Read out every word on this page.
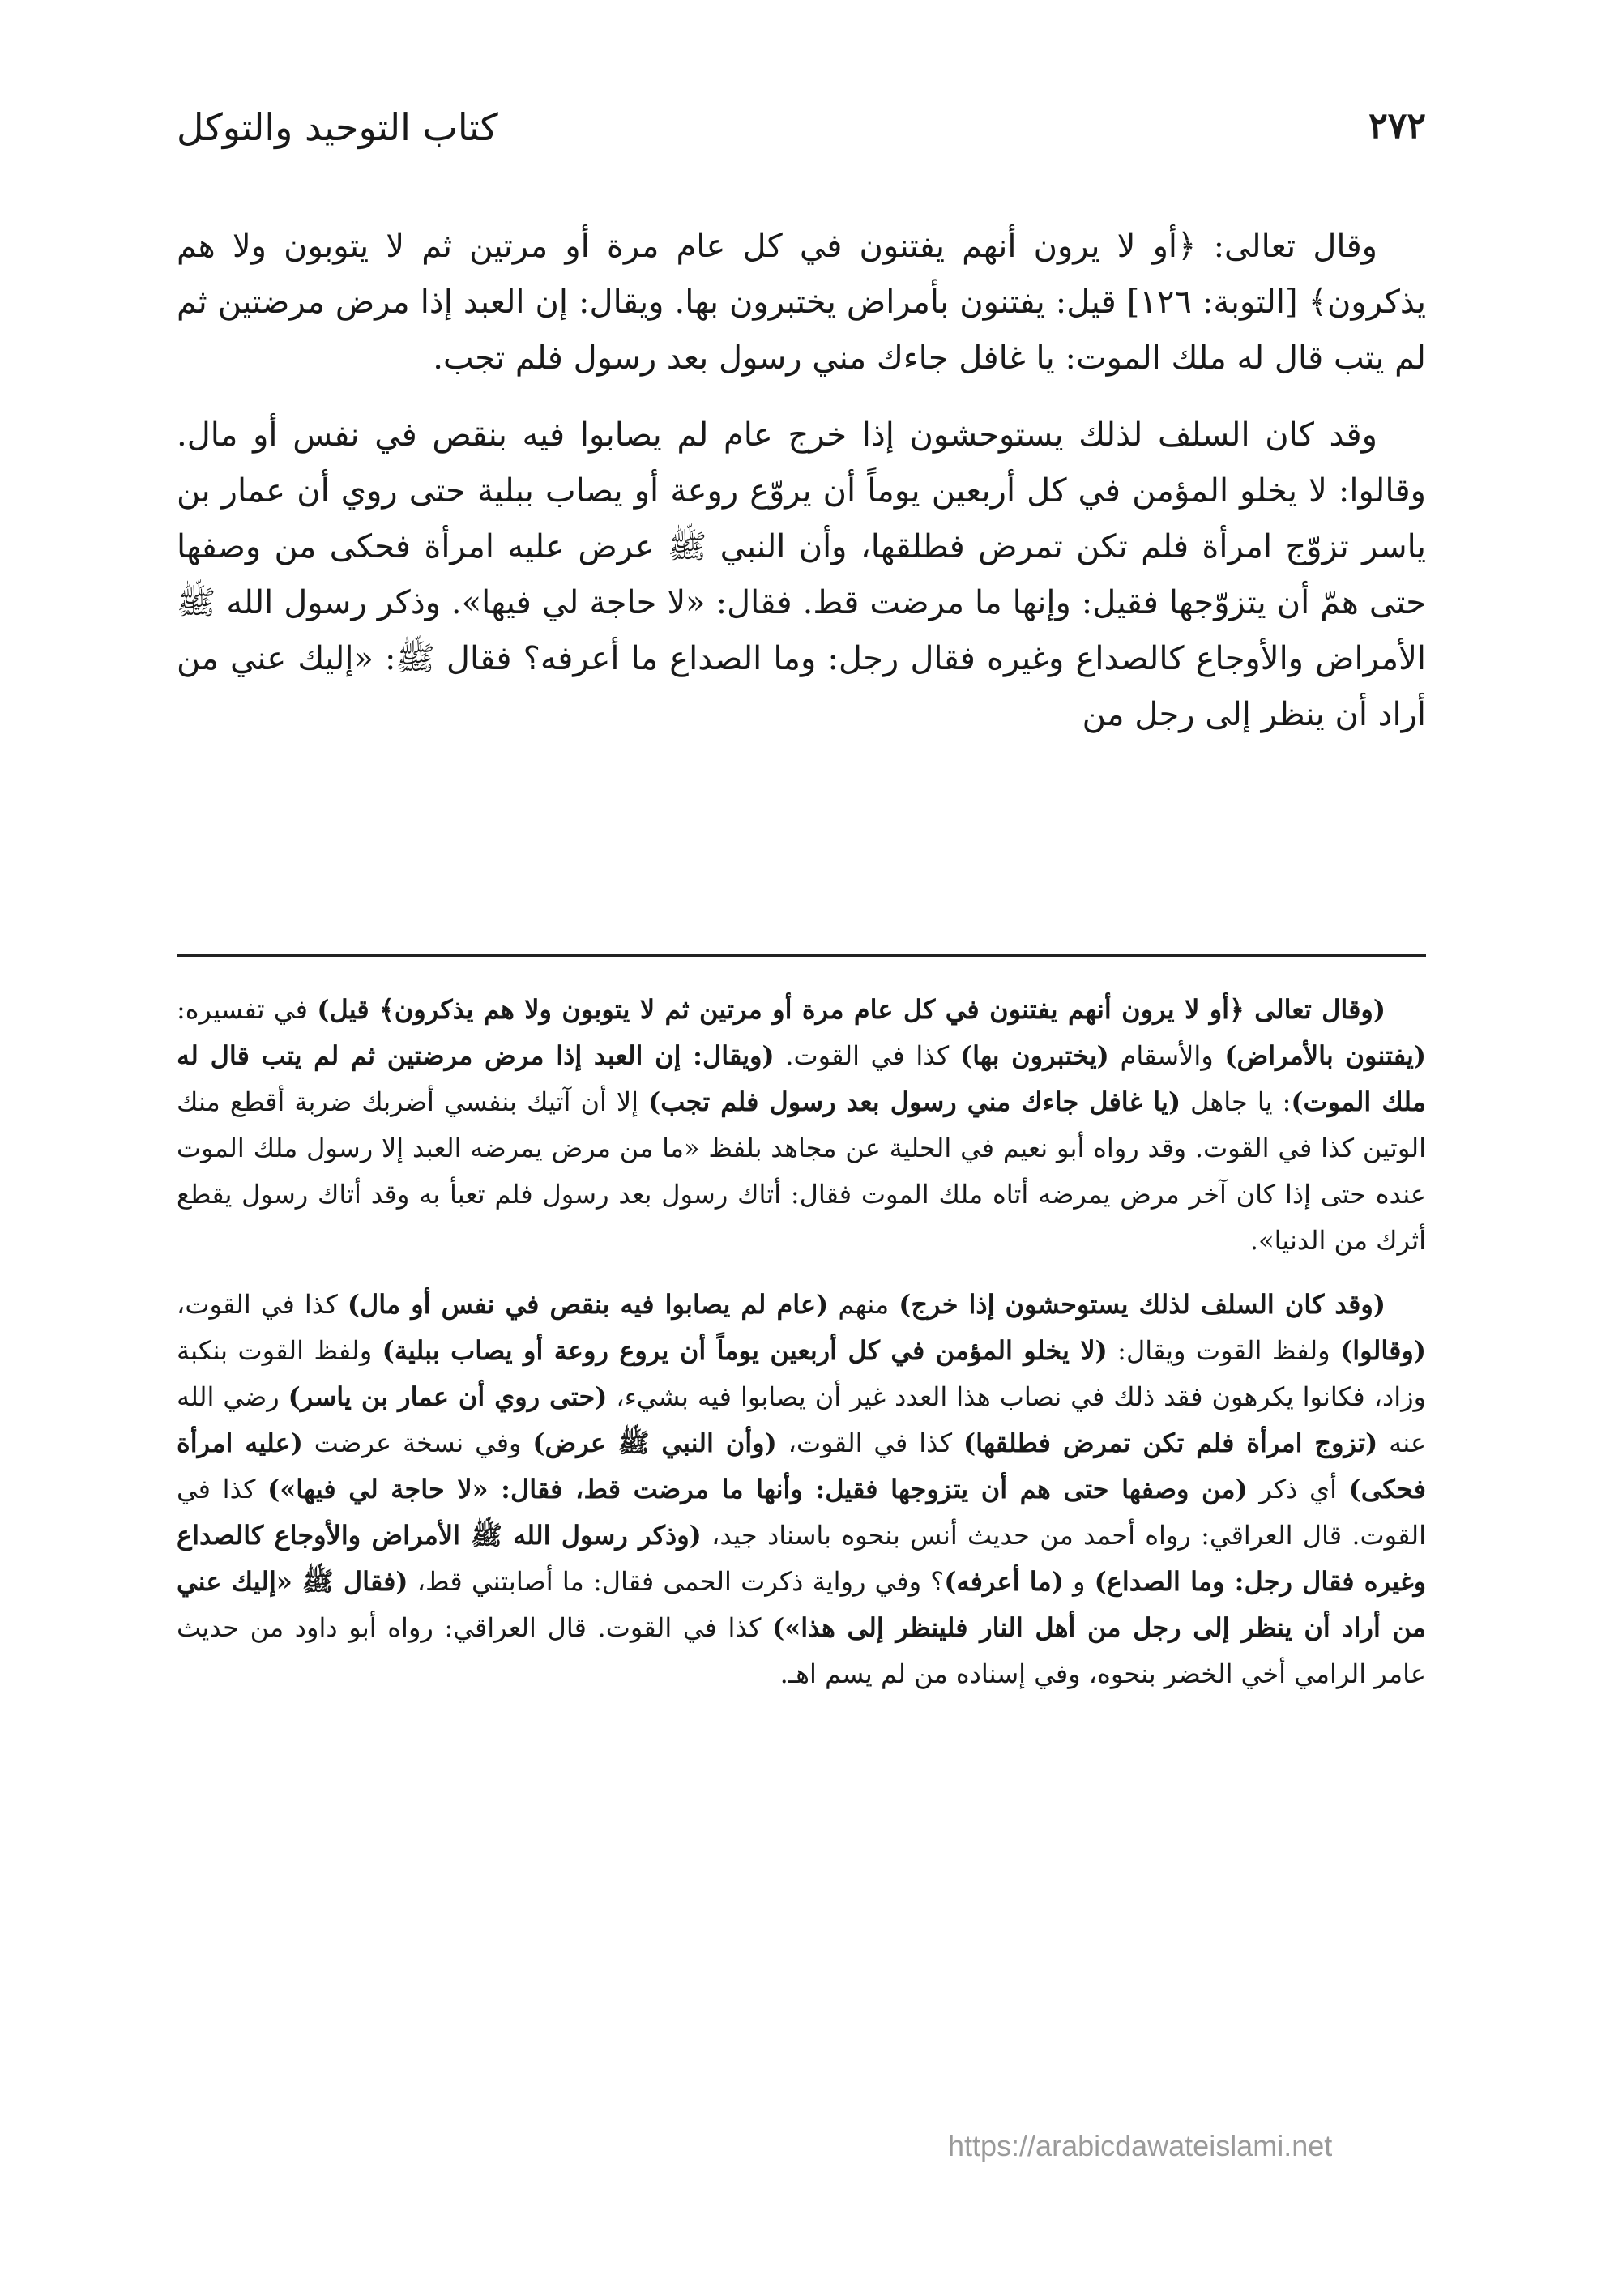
٢٧٢
كتاب التوحيد والتوكل

وقال تعالى: ﴿أو لا يرون أنهم يفتنون في كل عام مرة أو مرتين ثم لا يتوبون ولا هم يذكرون﴾ [التوبة: ١٢٦] قيل: يفتنون بأمراض يختبرون بها. ويقال: إن العبد إذا مرض مرضتين ثم لم يتب قال له ملك الموت: يا غافل جاءك مني رسول بعد رسول فلم تجب.

وقد كان السلف لذلك يستوحشون إذا خرج عام لم يصابوا فيه بنقص في نفس أو مال. وقالوا: لا يخلو المؤمن في كل أربعين يوماً أن يروّع روعة أو يصاب ببلية حتى روي أن عمار بن ياسر تزوّج امرأة فلم تكن تمرض فطلقها، وأن النبي ﷺ عرض عليه امرأة فحكى من وصفها حتى همّ أن يتزوّجها فقيل: وإنها ما مرضت قط. فقال: «لا حاجة لي فيها». وذكر رسول الله ﷺ الأمراض والأوجاع كالصداع وغيره فقال رجل: وما الصداع ما أعرفه؟ فقال ﷺ: «إليك عني من أراد أن ينظر إلى رجل من

(وقال تعالى ﴿أو لا يرون أنهم يفتنون في كل عام مرة أو مرتين ثم لا يتوبون ولا هم يذكرون﴾ قيل) في تفسيره: (يفتنون بالأمراض) والأسقام (يختبرون بها) كذا في القوت. (ويقال: إن العبد إذا مرض مرضتين ثم لم يتب قال له ملك الموت): يا جاهل (يا غافل جاءك مني رسول بعد رسول فلم تجب) إلا أن آتيك بنفسي أضربك ضربة أقطع منك الوتين كذا في القوت. وقد رواه أبو نعيم في الحلية عن مجاهد بلفظ «ما من مرض يمرضه العبد إلا رسول ملك الموت عنده حتى إذا كان آخر مرض يمرضه أتاه ملك الموت فقال: أتاك رسول بعد رسول فلم تعبأ به وقد أتاك رسول يقطع أثرك من الدنيا».

(وقد كان السلف لذلك يستوحشون إذا خرج) منهم (عام لم يصابوا فيه بنقص في نفس أو مال) كذا في القوت، (وقالوا) ولفظ القوت ويقال: (لا يخلو المؤمن في كل أربعين يوماً أن يروع روعة أو يصاب ببلية) ولفظ القوت بنكبة وزاد، فكانوا يكرهون فقد ذلك في نصاب هذا العدد غير أن يصابوا فيه بشيء، (حتى روي أن عمار بن ياسر) رضي الله عنه (تزوج امرأة فلم تكن تمرض فطلقها) كذا في القوت، (وأن النبي ﷺ عرض) وفي نسخة عرضت (عليه امرأة فحكى) أي ذكر (من وصفها حتى هم أن يتزوجها فقيل: وأنها ما مرضت قط، فقال: «لا حاجة لي فيها») كذا في القوت. قال العراقي: رواه أحمد من حديث أنس بنحوه باسناد جيد، (وذكر رسول الله ﷺ الأمراض والأوجاع كالصداع وغيره فقال رجل: وما الصداع) و (ما أعرفه)؟ وفي رواية ذكرت الحمى فقال: ما أصابتني قط، (فقال ﷺ «إليك عني من أراد أن ينظر إلى رجل من أهل النار فلينظر إلى هذا») كذا في القوت. قال العراقي: رواه أبو داود من حديث عامر الرامي أخي الخضر بنحوه، وفي إسناده من لم يسم اهـ.

https://arabicdawateislami.net
